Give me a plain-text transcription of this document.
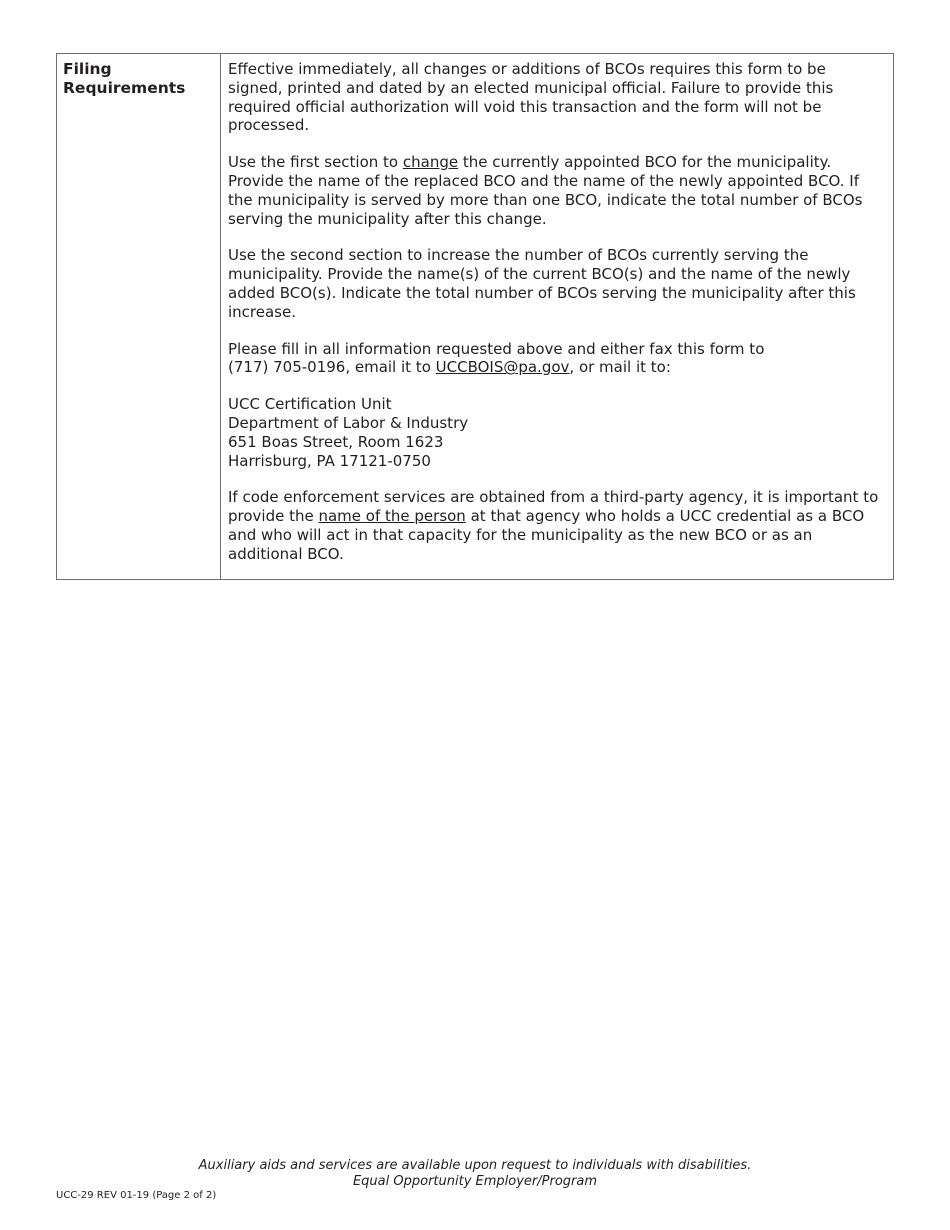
Filing
Requirements

Effective immediately, all changes or additions of BCOs requires this form to be signed, printed and dated by an elected municipal official. Failure to provide this required official authorization will void this transaction and the form will not be processed.

Use the first section to change the currently appointed BCO for the municipality. Provide the name of the replaced BCO and the name of the newly appointed BCO. If the municipality is served by more than one BCO, indicate the total number of BCOs serving the municipality after this change.

Use the second section to increase the number of BCOs currently serving the municipality. Provide the name(s) of the current BCO(s) and the name of the newly added BCO(s). Indicate the total number of BCOs serving the municipality after this increase.

Please fill in all information requested above and either fax this form to
(717) 705-0196, email it to UCCBOIS@pa.gov, or mail it to:

UCC Certification Unit
Department of Labor & Industry
651 Boas Street, Room 1623
Harrisburg, PA 17121-0750

If code enforcement services are obtained from a third-party agency, it is important to provide the name of the person at that agency who holds a UCC credential as a BCO and who will act in that capacity for the municipality as the new BCO or as an additional BCO.

Auxiliary aids and services are available upon request to individuals with disabilities.
Equal Opportunity Employer/Program
UCC-29 REV 01-19 (Page 2 of 2)
